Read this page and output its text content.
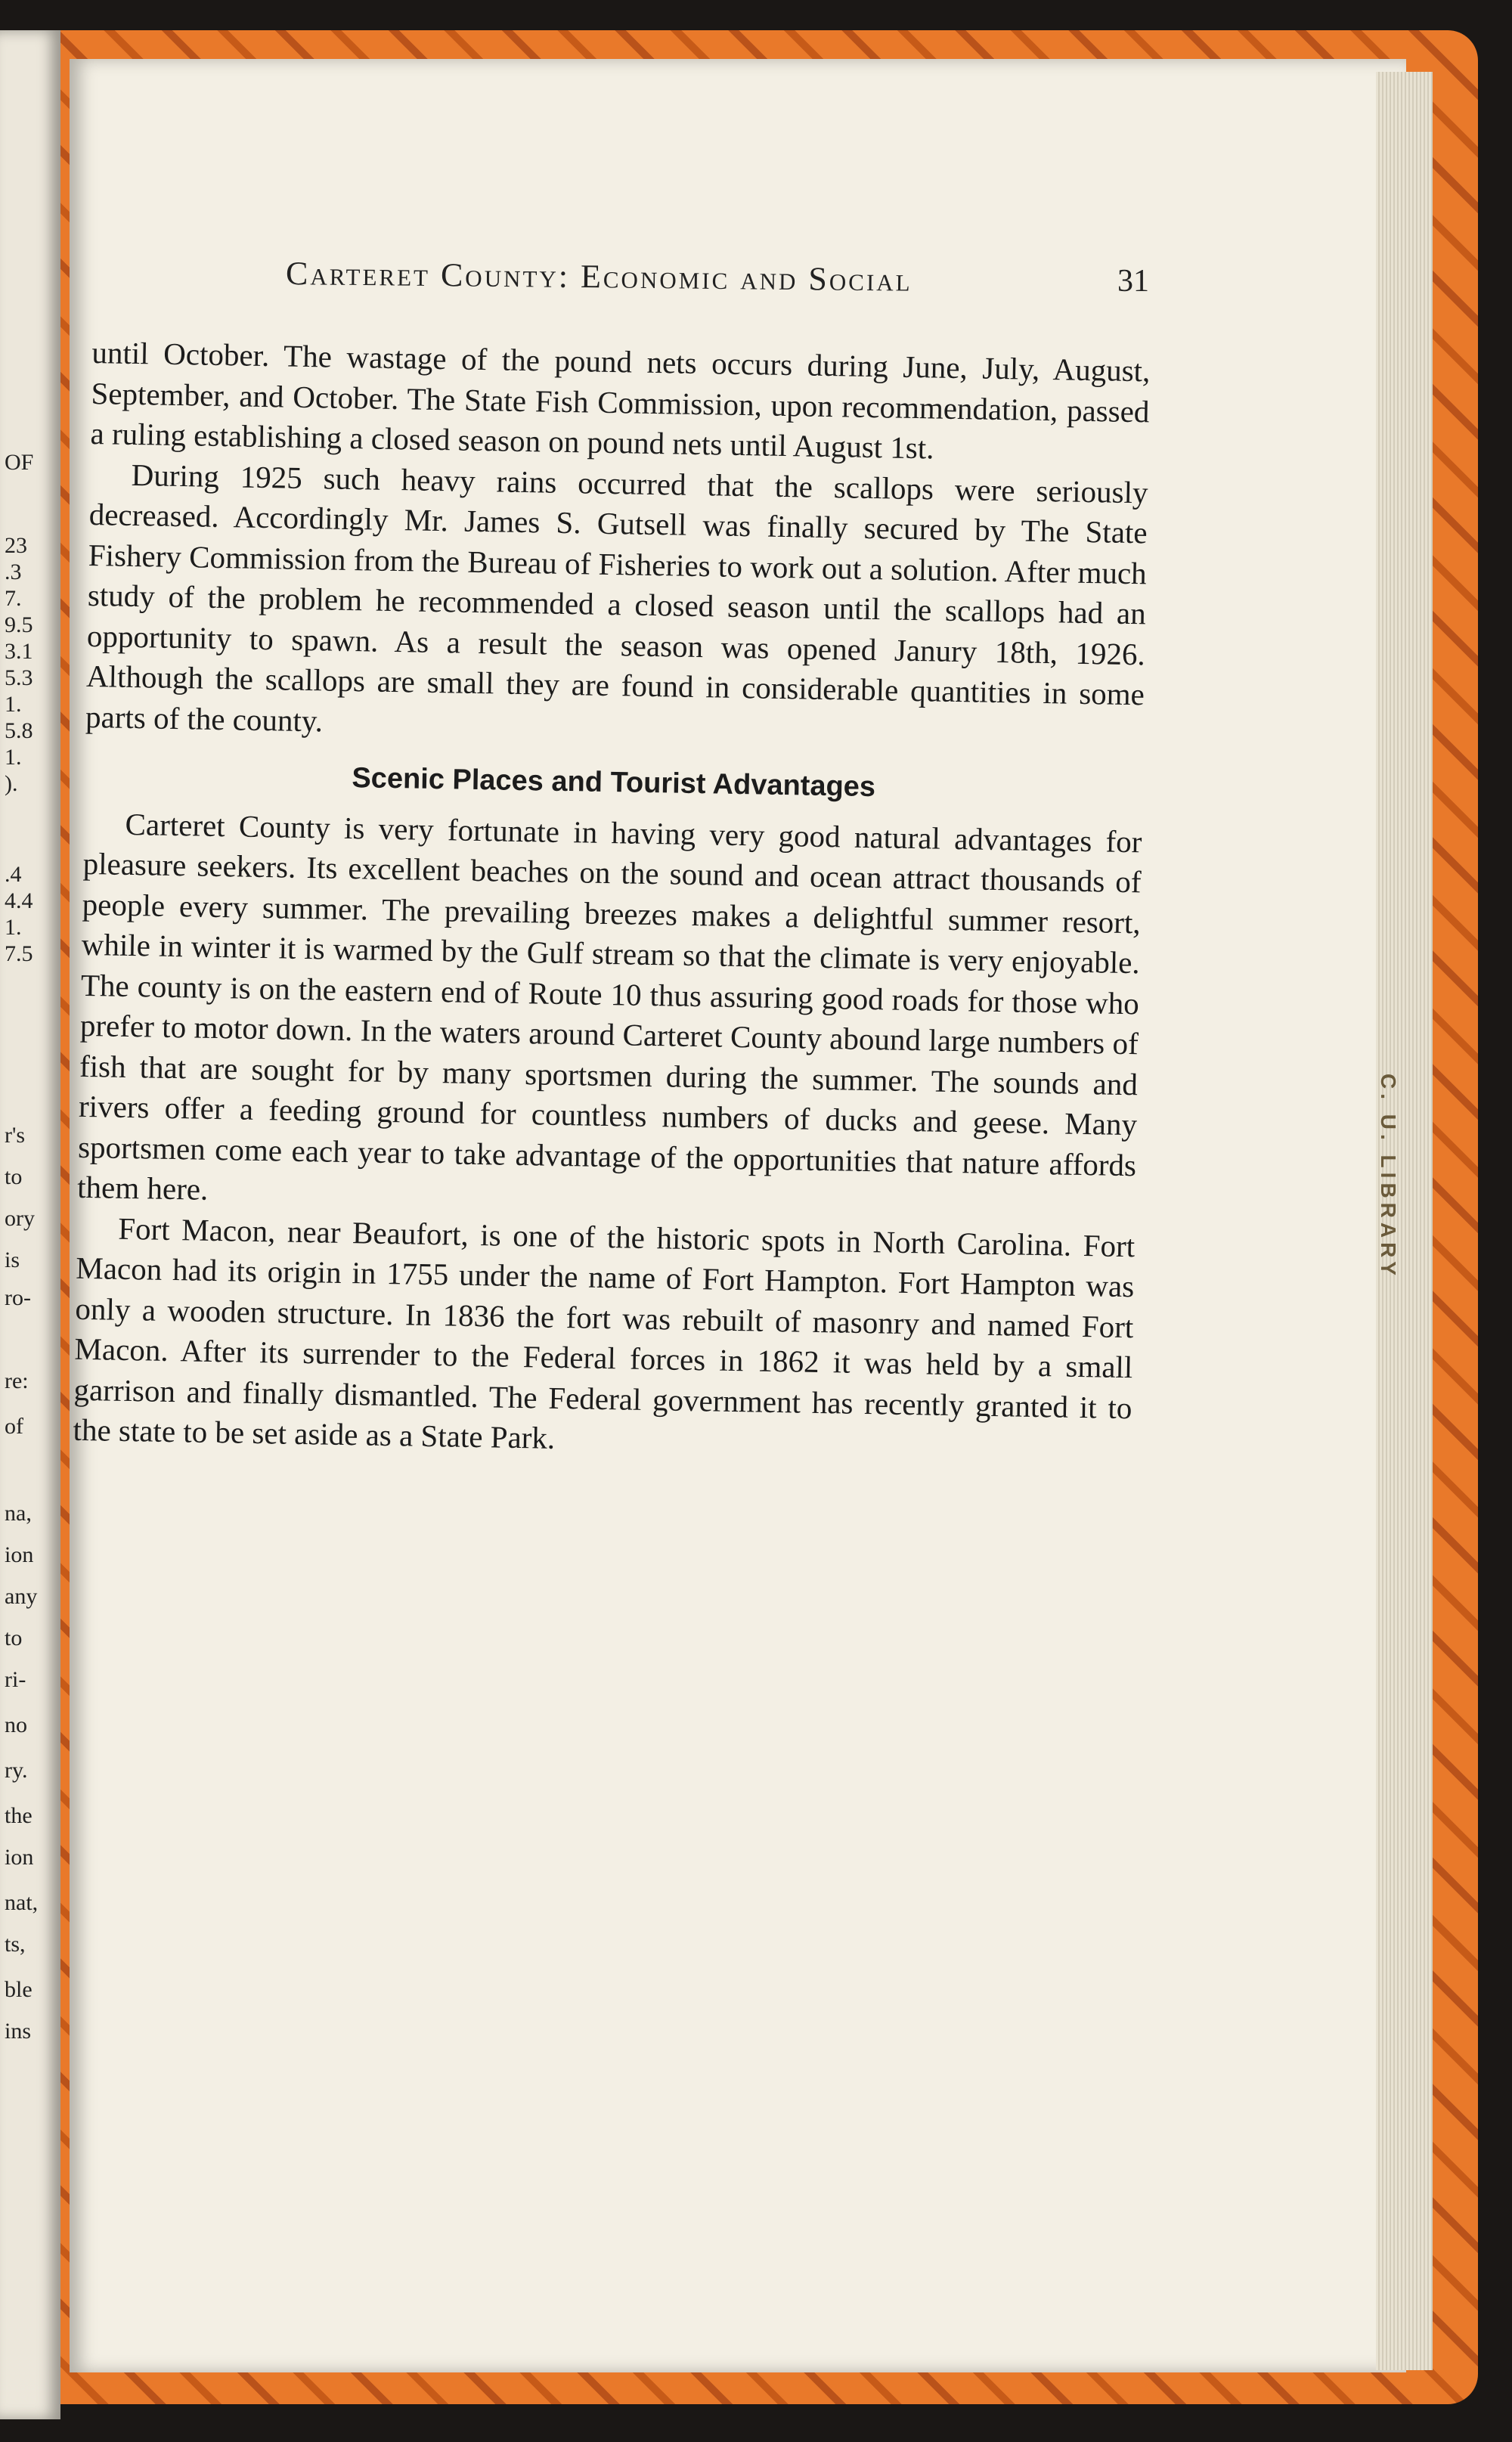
OF
23
.3
7.
9.5
3.1
5.3
1.
5.8
1.
).
.4
4.4
1.
7.5
r's
to
ory
is
ro-
re:
of
na,
ion
any
to
ri-
no
ry.
the
ion
nat,
ts,
ble
ins
C. U. LIBRARY
Carteret County: Economic and Social	31

until October. The wastage of the pound nets occurs during June, July, August, September, and October. The State Fish Commission, upon recommendation, passed a ruling establishing a closed season on pound nets until August 1st.

During 1925 such heavy rains occurred that the scallops were seriously decreased. Accordingly Mr. James S. Gutsell was finally secured by The State Fishery Commission from the Bureau of Fisheries to work out a solution. After much study of the problem he recommended a closed season until the scallops had an opportunity to spawn. As a result the season was opened Janury 18th, 1926. Although the scallops are small they are found in considerable quantities in some parts of the county.

Scenic Places and Tourist Advantages

Carteret County is very fortunate in having very good natural advantages for pleasure seekers. Its excellent beaches on the sound and ocean attract thousands of people every summer. The prevailing breezes makes a delightful summer resort, while in winter it is warmed by the Gulf stream so that the climate is very enjoyable. The county is on the eastern end of Route 10 thus assuring good roads for those who prefer to motor down. In the waters around Carteret County abound large numbers of fish that are sought for by many sportsmen during the summer. The sounds and rivers offer a feeding ground for countless numbers of ducks and geese. Many sportsmen come each year to take advantage of the opportunities that nature affords them here.

Fort Macon, near Beaufort, is one of the historic spots in North Carolina. Fort Macon had its origin in 1755 under the name of Fort Hampton. Fort Hampton was only a wooden structure. In 1836 the fort was rebuilt of masonry and named Fort Macon. After its surrender to the Federal forces in 1862 it was held by a small garrison and finally dismantled. The Federal government has recently granted it to the state to be set aside as a State Park.
